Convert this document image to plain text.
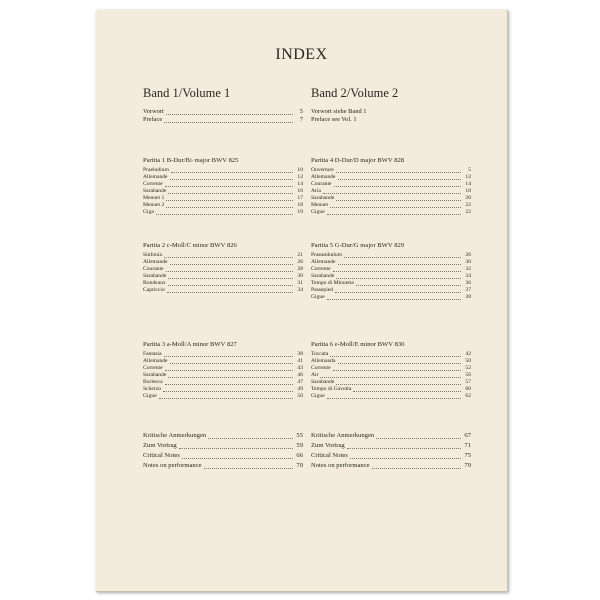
INDEX
Band 1/Volume 1
Vorwort	5
Preface	7
Partita 1 B-Dur/B♭ major BWV 825
Praeludium	10
Allemande	12
Corrente	14
Sarabande	16
Menuet 1	17
Menuet 2	18
Giga	19
Partita 2 c-Moll/C minor BWV 826
Sinfonia	21
Allemande	26
Courante	28
Sarabande	30
Rondeaux	31
Capriccio	34
Partita 3 a-Moll/A minor BWV 827
Fantasia	38
Allemande	41
Corrente	43
Sarabande	46
Burlesca	47
Scherzo	49
Gigue	50
Kritische Anmerkungen	55
Zum Vortrag	59
Critical Notes	66
Notes on performance	70
Band 2/Volume 2
Vorwort siehe Band 1
Preface see Vol. 1
Partita 4 D-Dur/D major BWV 828
Ouverture	5
Allemande	12
Courante	14
Aria	18
Sarabande	20
Menuet	22
Gigue	22
Partita 5 G-Dur/G major BWV 829
Praeambulum	26
Allemande	30
Corrente	32
Sarabande	34
Tempo di Minuetta	36
Passepied	37
Gigue	38
Partita 6 e-Moll/E minor BWV 830
Toccata	42
Allemanda	50
Corrente	52
Air	56
Sarabande	57
Tempo di Gavotta	60
Gigue	62
Kritische Anmerkungen	67
Zum Vortrag	71
Critical Notes	75
Notes on performance	79
